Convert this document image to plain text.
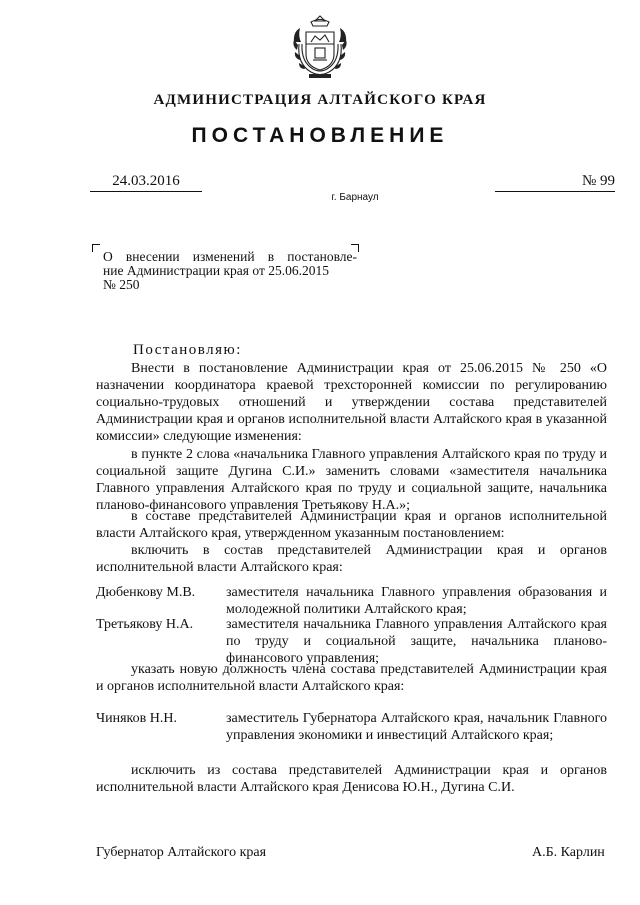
АДМИНИСТРАЦИЯ АЛТАЙСКОГО КРАЯ
ПОСТАНОВЛЕНИЕ
24.03.2016	№ 99
г. Барнаул
О внесении изменений в постановле-
ние Администрации края от 25.06.2015
№ 250
Постановляю:
Внести в постановление Администрации края от 25.06.2015 № 250 «О назначении координатора краевой трехсторонней комиссии по регулированию социально-трудовых отношений и утверждении состава представителей Администрации края и органов исполнительной власти Алтайского края в указанной комиссии» следующие изменения:
в пункте 2 слова «начальника Главного управления Алтайского края по труду и социальной защите Дугина С.И.» заменить словами «заместителя начальника Главного управления Алтайского края по труду и социальной защите, начальника планово-финансового управления Третьякову Н.А.»;
в составе представителей Администрации края и органов исполнительной власти Алтайского края, утвержденном указанным постановлением:
включить в состав представителей Администрации края и органов исполнительной власти Алтайского края:
Дюбенкову М.В. заместителя начальника Главного управления образования и молодежной политики Алтайского края;
Третьякову Н.А. заместителя начальника Главного управления Алтайского края по труду и социальной защите, начальника планово-финансового управления;
указать новую должность члена состава представителей Администрации края и органов исполнительной власти Алтайского края:
Чиняков Н.Н.	заместитель Губернатора Алтайского края, начальник Главного управления экономики и инвестиций Алтайского края;
исключить из состава представителей Администрации края и органов исполнительной власти Алтайского края Денисова Ю.Н., Дугина С.И.
Губернатор Алтайского края	А.Б. Карлин
